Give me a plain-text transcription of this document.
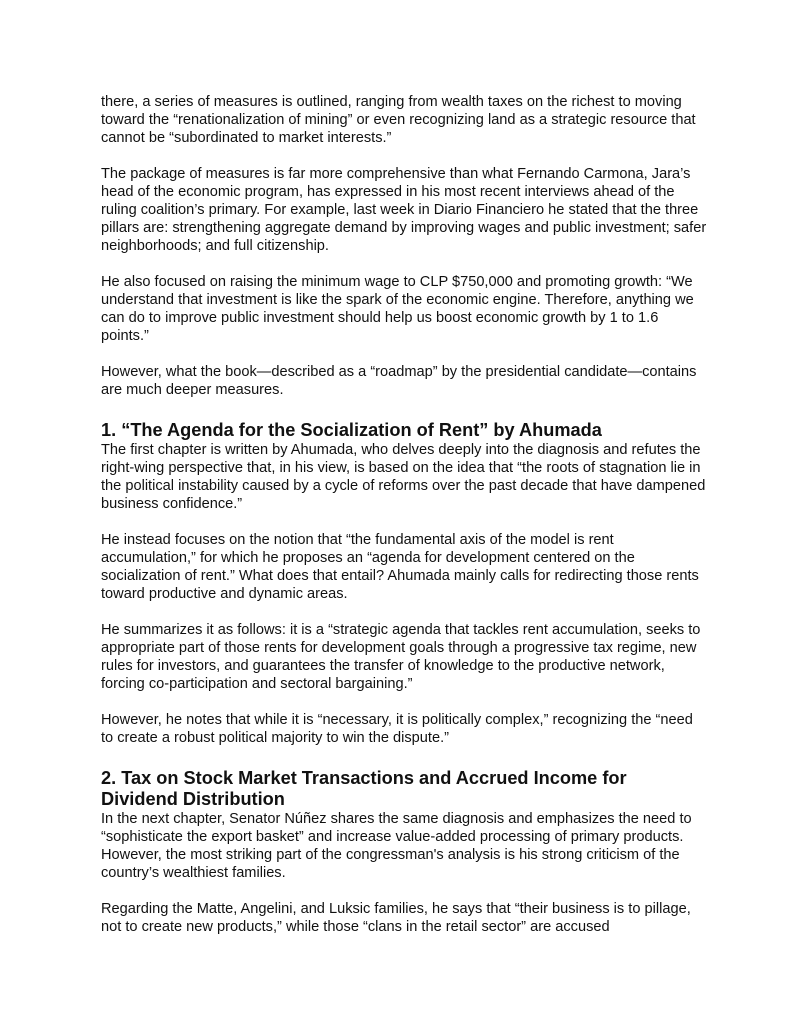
there, a series of measures is outlined, ranging from wealth taxes on the richest to moving toward the “renationalization of mining” or even recognizing land as a strategic resource that cannot be “subordinated to market interests.”

The package of measures is far more comprehensive than what Fernando Carmona, Jara’s head of the economic program, has expressed in his most recent interviews ahead of the ruling coalition’s primary. For example, last week in Diario Financiero he stated that the three pillars are: strengthening aggregate demand by improving wages and public investment; safer neighborhoods; and full citizenship.

He also focused on raising the minimum wage to CLP $750,000 and promoting growth: “We understand that investment is like the spark of the economic engine. Therefore, anything we can do to improve public investment should help us boost economic growth by 1 to 1.6 points.”

However, what the book—described as a “roadmap” by the presidential candidate—contains are much deeper measures.

1. “The Agenda for the Socialization of Rent” by Ahumada

The first chapter is written by Ahumada, who delves deeply into the diagnosis and refutes the right-wing perspective that, in his view, is based on the idea that “the roots of stagnation lie in the political instability caused by a cycle of reforms over the past decade that have dampened business confidence.”

He instead focuses on the notion that “the fundamental axis of the model is rent accumulation,” for which he proposes an “agenda for development centered on the socialization of rent.” What does that entail? Ahumada mainly calls for redirecting those rents toward productive and dynamic areas.

He summarizes it as follows: it is a “strategic agenda that tackles rent accumulation, seeks to appropriate part of those rents for development goals through a progressive tax regime, new rules for investors, and guarantees the transfer of knowledge to the productive network, forcing co-participation and sectoral bargaining.”

However, he notes that while it is “necessary, it is politically complex,” recognizing the “need to create a robust political majority to win the dispute.”

2. Tax on Stock Market Transactions and Accrued Income for Dividend Distribution

In the next chapter, Senator Núñez shares the same diagnosis and emphasizes the need to “sophisticate the export basket” and increase value-added processing of primary products. However, the most striking part of the congressman's analysis is his strong criticism of the country’s wealthiest families.

Regarding the Matte, Angelini, and Luksic families, he says that “their business is to pillage, not to create new products,” while those “clans in the retail sector” are accused
